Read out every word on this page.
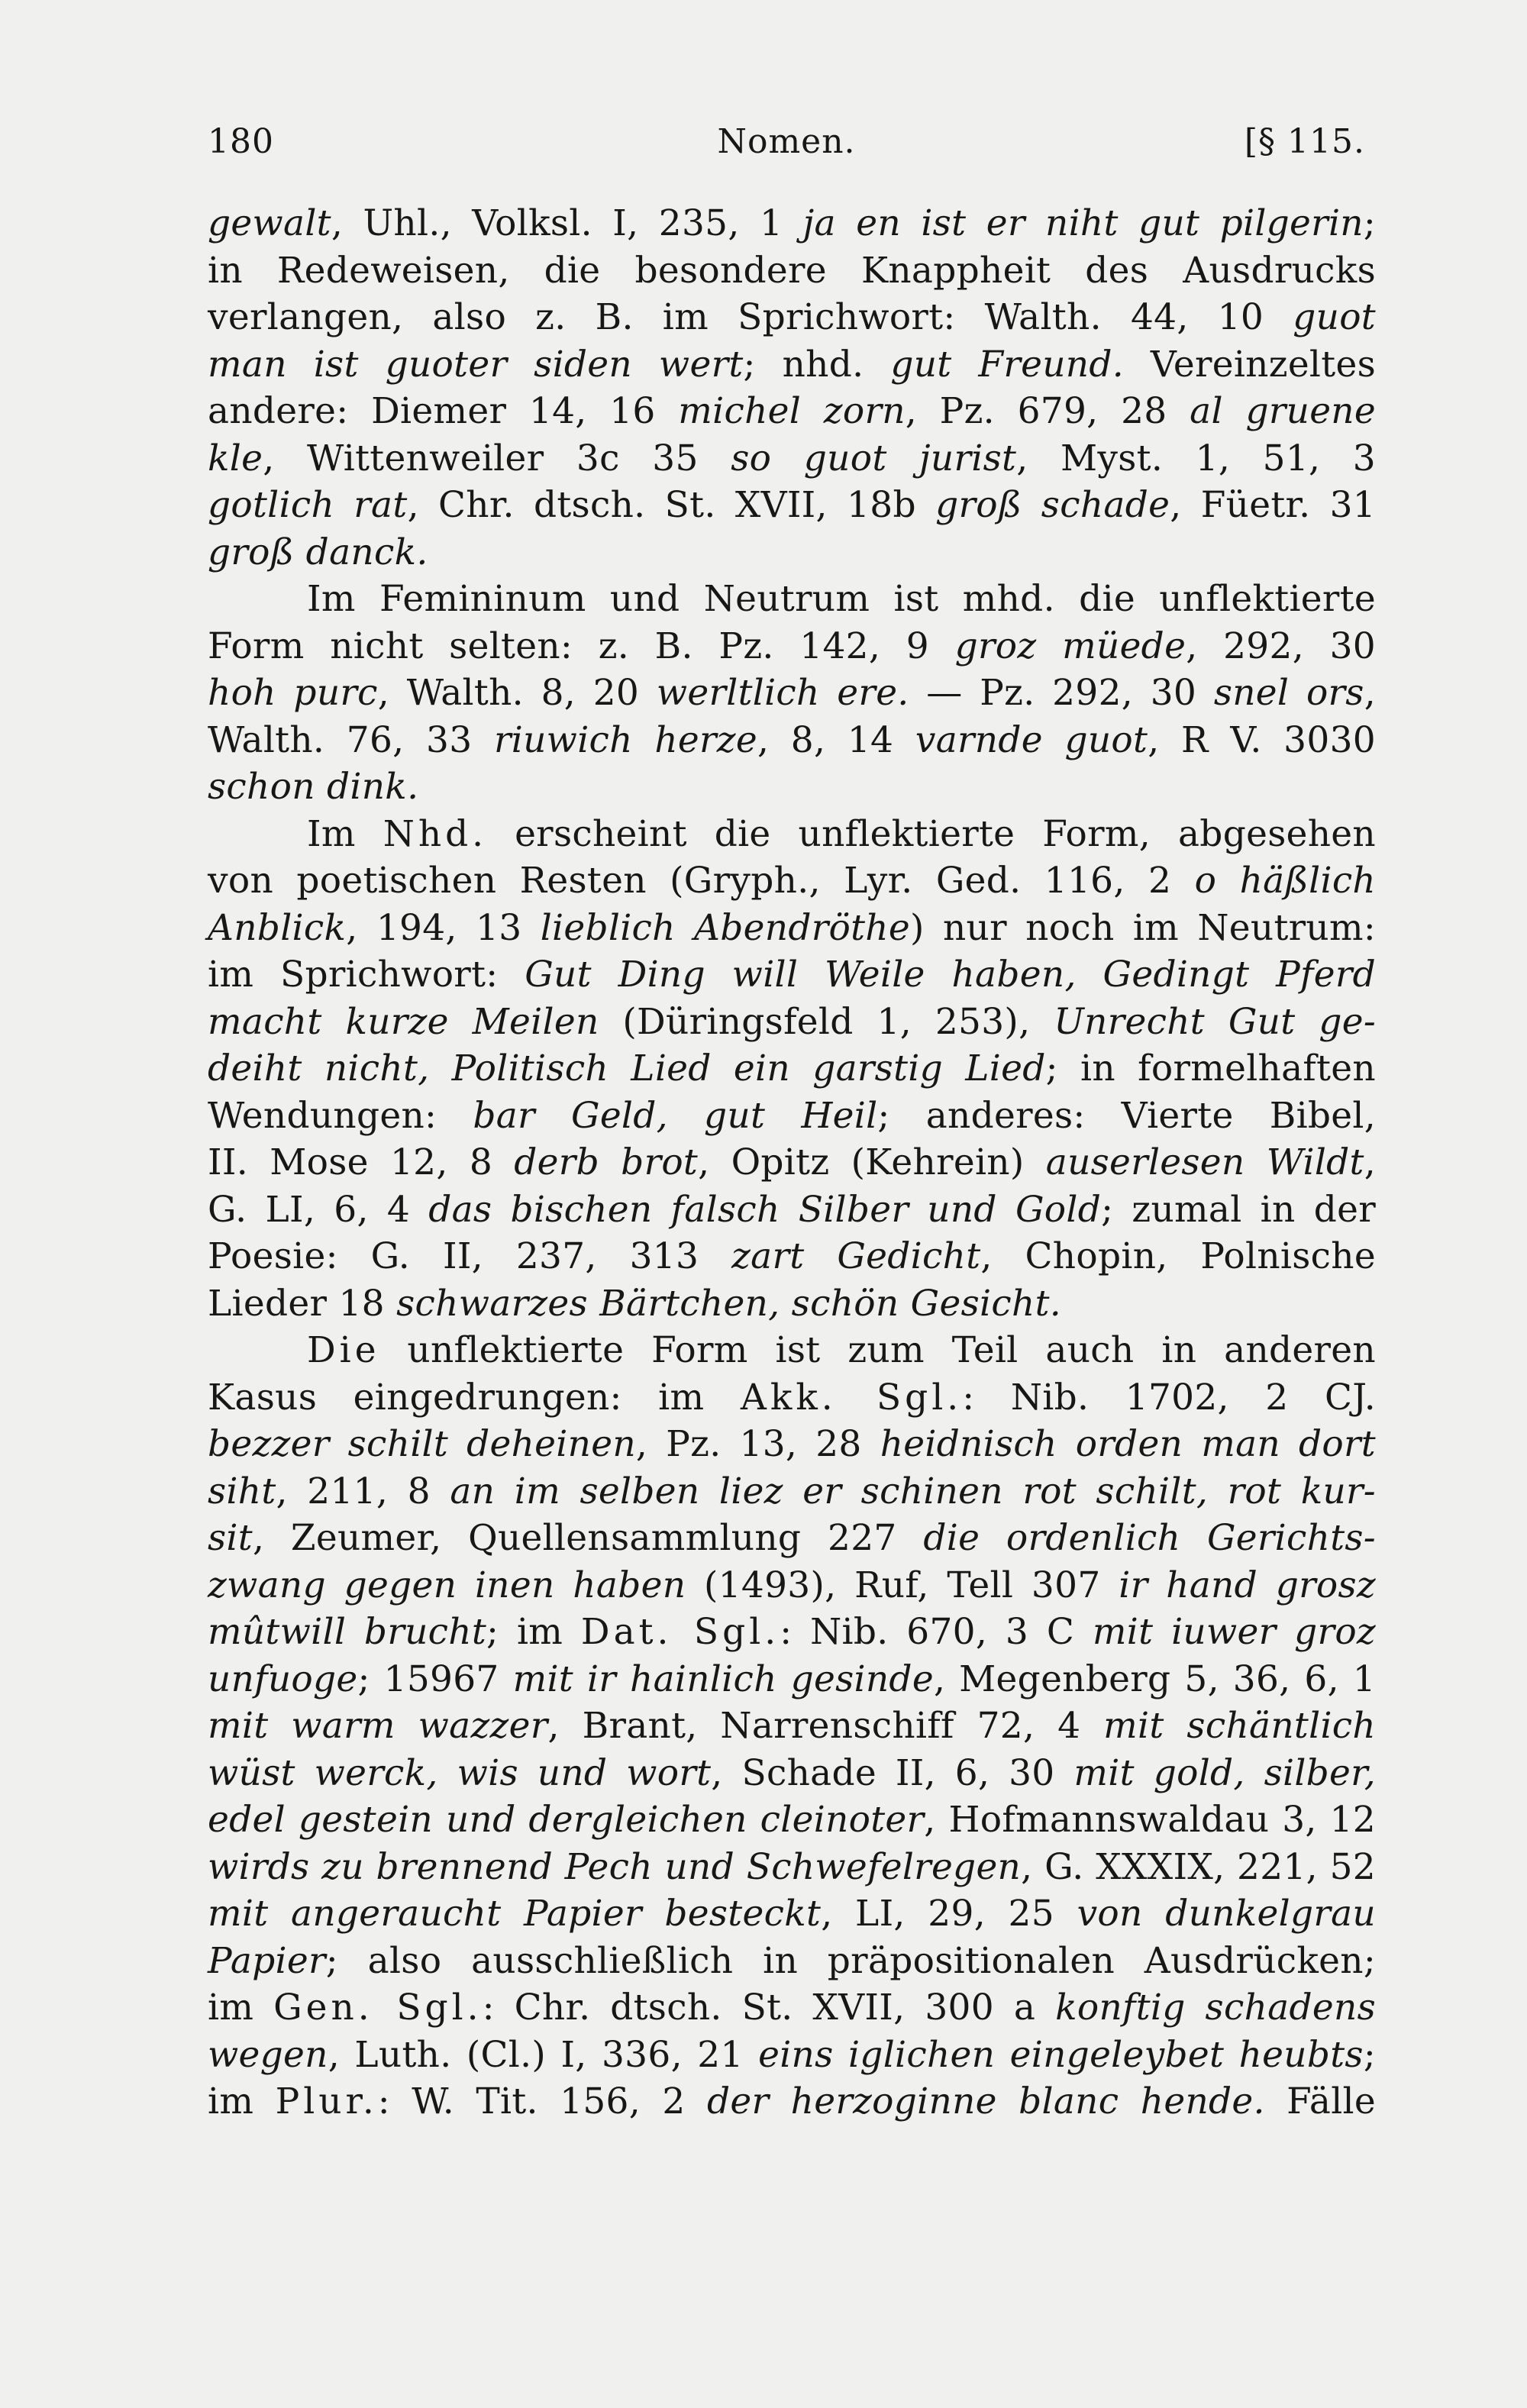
180	Nomen.	[§ 115.
gewalt, Uhl., Volksl. I, 235, 1 ja en ist er niht gut pilgerin;
in Redeweisen, die besondere Knappheit des Ausdrucks
verlangen, also z. B. im Sprichwort: Walth. 44, 10 guot
man ist guoter siden wert; nhd. gut Freund. Vereinzeltes
andere: Diemer 14, 16 michel zorn, Pz. 679, 28 al gruene
kle, Wittenweiler 3c 35 so guot jurist, Myst. 1, 51, 3
gotlich rat, Chr. dtsch. St. XVII, 18b groß schade, Füetr. 31
groß danck.
Im Femininum und Neutrum ist mhd. die unflektierte
Form nicht selten: z. B. Pz. 142, 9 groz müede, 292, 30
hoh purc, Walth. 8, 20 werltlich ere. — Pz. 292, 30 snel ors,
Walth. 76, 33 riuwich herze, 8, 14 varnde guot, R V. 3030
schon dink.
Im Nhd. erscheint die unflektierte Form, abgesehen
von poetischen Resten (Gryph., Lyr. Ged. 116, 2 o häßlich
Anblick, 194, 13 lieblich Abendröthe) nur noch im Neutrum:
im Sprichwort: Gut Ding will Weile haben, Gedingt Pferd
macht kurze Meilen (Düringsfeld 1, 253), Unrecht Gut ge-
deiht nicht, Politisch Lied ein garstig Lied; in formelhaften
Wendungen: bar Geld, gut Heil; anderes: Vierte Bibel,
II. Mose 12, 8 derb brot, Opitz (Kehrein) auserlesen Wildt,
G. LI, 6, 4 das bischen falsch Silber und Gold; zumal in der
Poesie: G. II, 237, 313 zart Gedicht, Chopin, Polnische
Lieder 18 schwarzes Bärtchen, schön Gesicht.
Die unflektierte Form ist zum Teil auch in anderen
Kasus eingedrungen: im Akk. Sgl.: Nib. 1702, 2 CJ.
bezzer schilt deheinen, Pz. 13, 28 heidnisch orden man dort
siht, 211, 8 an im selben liez er schinen rot schilt, rot kur-
sit, Zeumer, Quellensammlung 227 die ordenlich Gerichts-
zwang gegen inen haben (1493), Ruf, Tell 307 ir hand grosz
mûtwill brucht; im Dat. Sgl.: Nib. 670, 3 C mit iuwer groz
unfuoge; 15967 mit ir hainlich gesinde, Megenberg 5, 36, 6, 1
mit warm wazzer, Brant, Narrenschiff 72, 4 mit schäntlich
wüst werck, wis und wort, Schade II, 6, 30 mit gold, silber,
edel gestein und dergleichen cleinoter, Hofmannswaldau 3, 12
wirds zu brennend Pech und Schwefelregen, G. XXXIX, 221, 52
mit angeraucht Papier besteckt, LI, 29, 25 von dunkelgrau
Papier; also ausschließlich in präpositionalen Ausdrücken;
im Gen. Sgl.: Chr. dtsch. St. XVII, 300 a konftig schadens
wegen, Luth. (Cl.) I, 336, 21 eins iglichen eingeleybet heubts;
im Plur.: W. Tit. 156, 2 der herzoginne blanc hende. Fälle
